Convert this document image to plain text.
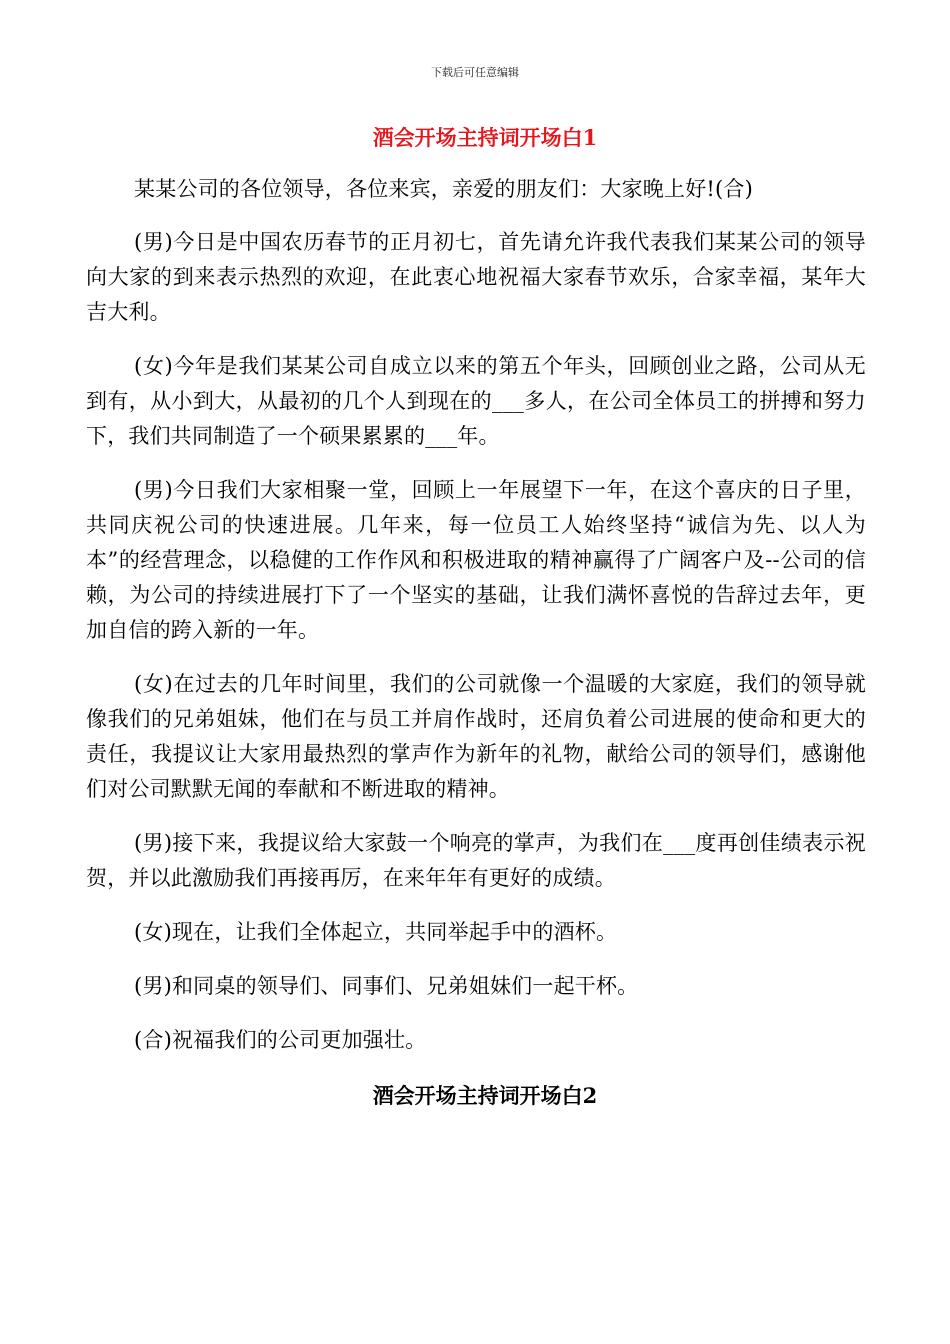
下载后可任意编辑
酒会开场主持词开场白1

某某公司的各位领导，各位来宾，亲爱的朋友们：大家晚上好!(合)

(男)今日是中国农历春节的正月初七，首先请允许我代表我们某某公司的领导向大家的到来表示热烈的欢迎，在此衷心地祝福大家春节欢乐，合家幸福，某年大吉大利。

(女)今年是我们某某公司自成立以来的第五个年头，回顾创业之路，公司从无到有，从小到大，从最初的几个人到现在的___多人，在公司全体员工的拼搏和努力下，我们共同制造了一个硕果累累的___年。

(男)今日我们大家相聚一堂，回顾上一年展望下一年，在这个喜庆的日子里，共同庆祝公司的快速进展。几年来，每一位员工人始终坚持“诚信为先、以人为本”的经营理念，以稳健的工作作风和积极进取的精神赢得了广阔客户及--公司的信赖，为公司的持续进展打下了一个坚实的基础，让我们满怀喜悦的告辞过去年，更加自信的跨入新的一年。

(女)在过去的几年时间里，我们的公司就像一个温暖的大家庭，我们的领导就像我们的兄弟姐妹，他们在与员工并肩作战时，还肩负着公司进展的使命和更大的责任，我提议让大家用最热烈的掌声作为新年的礼物，献给公司的领导们，感谢他们对公司默默无闻的奉献和不断进取的精神。

(男)接下来，我提议给大家鼓一个响亮的掌声，为我们在___度再创佳绩表示祝贺，并以此激励我们再接再厉，在来年年有更好的成绩。

(女)现在，让我们全体起立，共同举起手中的酒杯。

(男)和同桌的领导们、同事们、兄弟姐妹们一起干杯。

(合)祝福我们的公司更加强壮。

酒会开场主持词开场白2
